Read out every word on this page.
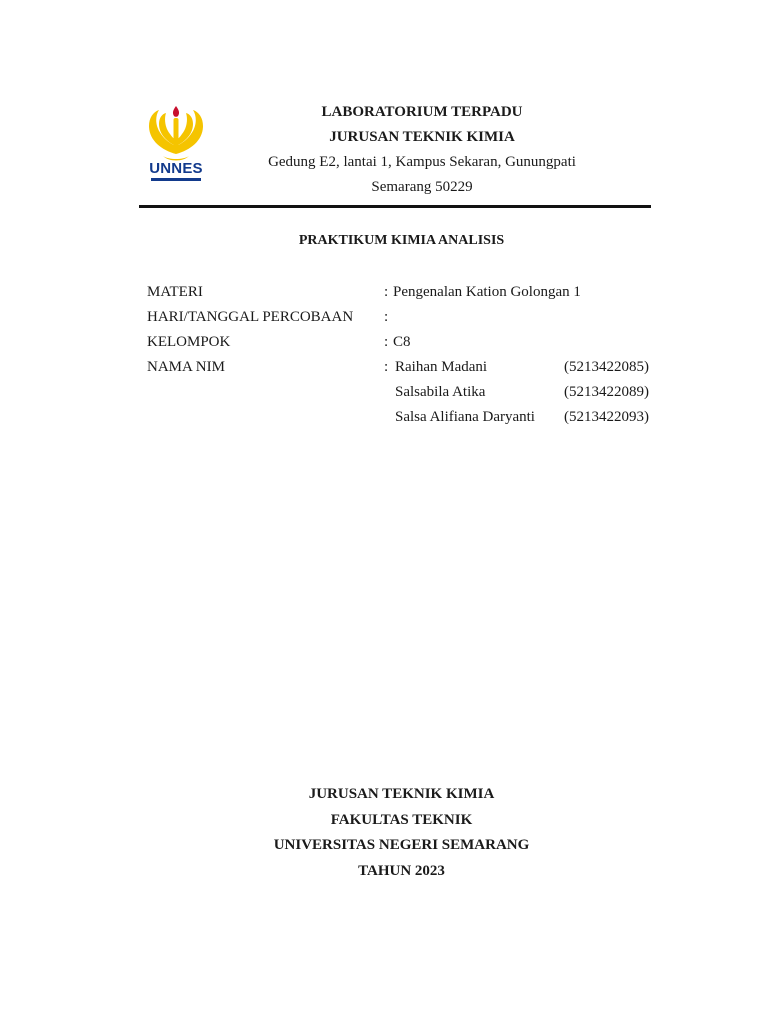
UNNES
LABORATORIUM TERPADU
JURUSAN TEKNIK KIMIA
Gedung E2, lantai 1, Kampus Sekaran, Gunungpati
Semarang 50229
PRAKTIKUM KIMIA ANALISIS
MATERI	: Pengenalan Kation Golongan 1
HARI/TANGGAL PERCOBAAN :
KELOMPOK	: C8
NAMA NIM	: Raihan Madani	(5213422085)
Salsabila Atika	(5213422089)
Salsa Alifiana Daryanti (5213422093)
JURUSAN TEKNIK KIMIA
FAKULTAS TEKNIK
UNIVERSITAS NEGERI SEMARANG
TAHUN 2023
